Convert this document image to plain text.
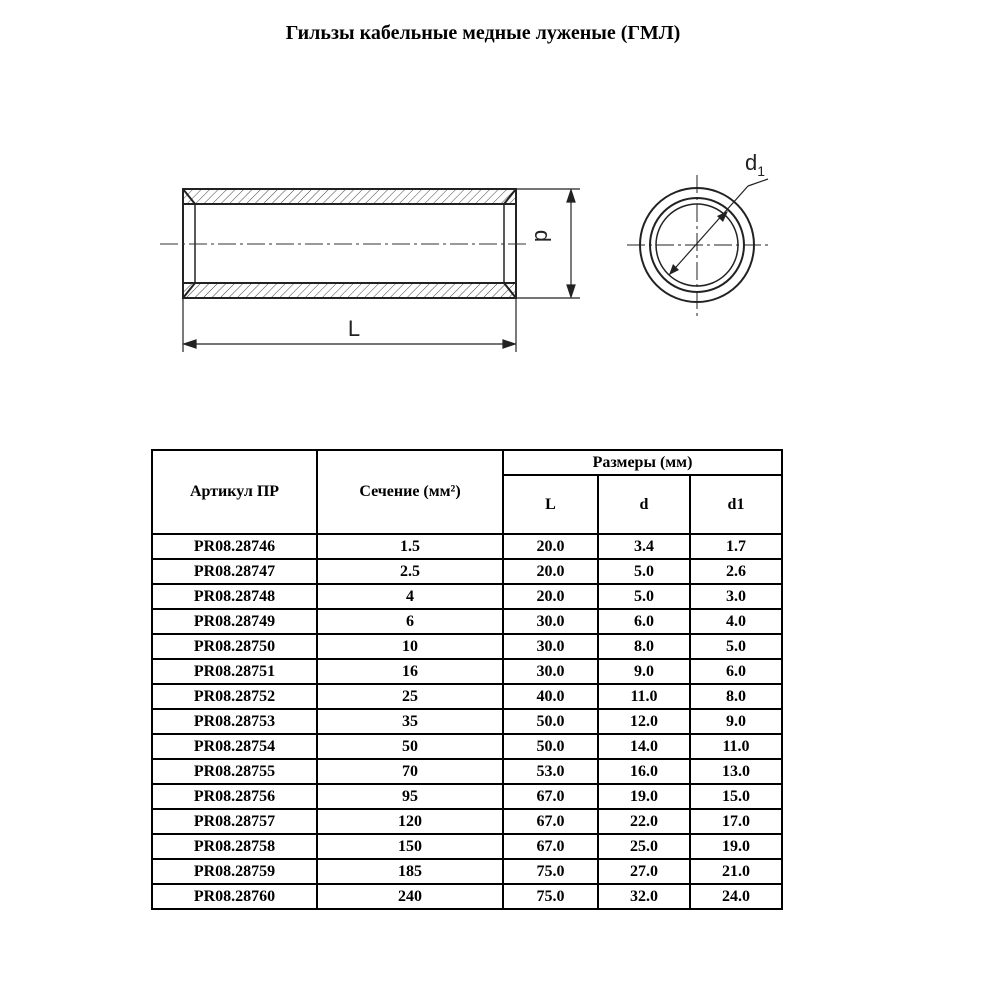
Гильзы кабельные медные луженые (ГМЛ)
d
L
$d_1$
Артикул ПР	Сечение (мм²)	Размеры (мм)		
		L	d	d1
PR08.28746	1.5	20.0	3.4	1.7
PR08.28747	2.5	20.0	5.0	2.6
PR08.28748	4	20.0	5.0	3.0
PR08.28749	6	30.0	6.0	4.0
PR08.28750	10	30.0	8.0	5.0
PR08.28751	16	30.0	9.0	6.0
PR08.28752	25	40.0	11.0	8.0
PR08.28753	35	50.0	12.0	9.0
PR08.28754	50	50.0	14.0	11.0
PR08.28755	70	53.0	16.0	13.0
PR08.28756	95	67.0	19.0	15.0
PR08.28757	120	67.0	22.0	17.0
PR08.28758	150	67.0	25.0	19.0
PR08.28759	185	75.0	27.0	21.0
PR08.28760	240	75.0	32.0	24.0
